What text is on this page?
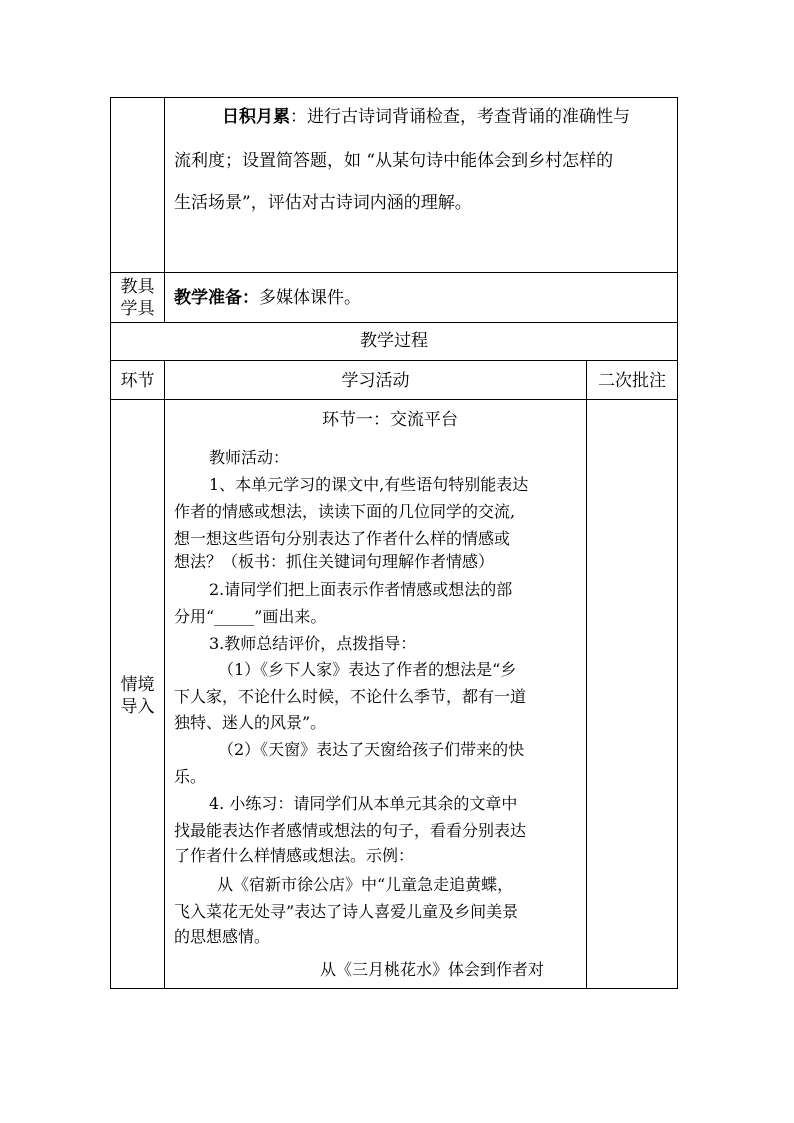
日积月累：进行古诗词背诵检查，考查背诵的准确性与
流利度；设置简答题，如 “从某句诗中能体会到乡村怎样的
生活场景”，评估对古诗词内涵的理解。
教具
学具
教学准备：多媒体课件。
教学过程
环节	学习活动	二次批注
情境
导入
环节一：交流平台
教师活动：
1、本单元学习的课文中,有些语句特别能表达
作者的情感或想法，读读下面的几位同学的交流,
想一想这些语句分别表达了作者什么样的情感或
想法？（板书：抓住关键词句理解作者情感）
2.请同学们把上面表示作者情感或想法的部
分用“_____”画出来。
3.教师总结评价，点拨指导：
（1）《乡下人家》表达了作者的想法是“乡
下人家，不论什么时候，不论什么季节，都有一道
独特、迷人的风景”。
（2）《天窗》表达了天窗给孩子们带来的快
乐。
4. 小练习：请同学们从本单元其余的文章中
找最能表达作者感情或想法的句子，看看分别表达
了作者什么样情感或想法。示例：
从《宿新市徐公店》中“儿童急走追黄蝶，
飞入菜花无处寻”表达了诗人喜爱儿童及乡间美景
的思想感情。
从《三月桃花水》体会到作者对
